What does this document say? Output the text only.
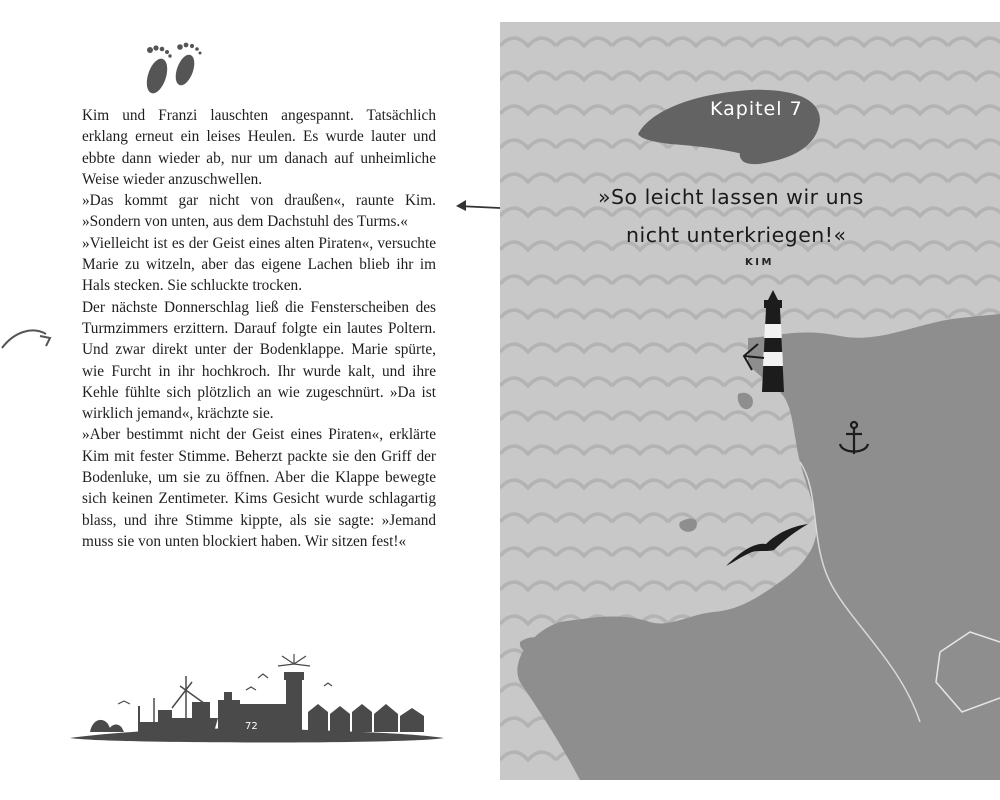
Kim und Franzi lauschten angespannt. Tatsächlich erklang erneut ein leises Heulen. Es wurde lauter und ebbte dann wieder ab, nur um danach auf unheimliche Weise wieder anzuschwellen.

»Das kommt gar nicht von draußen«, raunte Kim. »Sondern von unten, aus dem Dachstuhl des Turms.«

»Vielleicht ist es der Geist eines alten Piraten«, versuchte Marie zu witzeln, aber das eigene Lachen blieb ihr im Hals stecken. Sie schluckte trocken.

Der nächste Donnerschlag ließ die Fensterscheiben des Turmzimmers erzittern. Darauf folgte ein lautes Poltern. Und zwar direkt unter der Bodenklappe. Marie spürte, wie Furcht in ihr hochkroch. Ihr wurde kalt, und ihre Kehle fühlte sich plötzlich an wie zugeschnürt. »Da ist wirklich jemand«, krächzte sie.

»Aber bestimmt nicht der Geist eines Piraten«, erklärte Kim mit fester Stimme. Beherzt packte sie den Griff der Bodenluke, um sie zu öffnen. Aber die Klappe bewegte sich keinen Zentimeter. Kims Gesicht wurde schlagartig blass, und ihre Stimme kippte, als sie sagte: »Jemand muss sie von unten blockiert haben. Wir sitzen fest!«

72
Kapitel 7
»So leicht lassen wir uns
nicht unterkriegen!«
KIM
